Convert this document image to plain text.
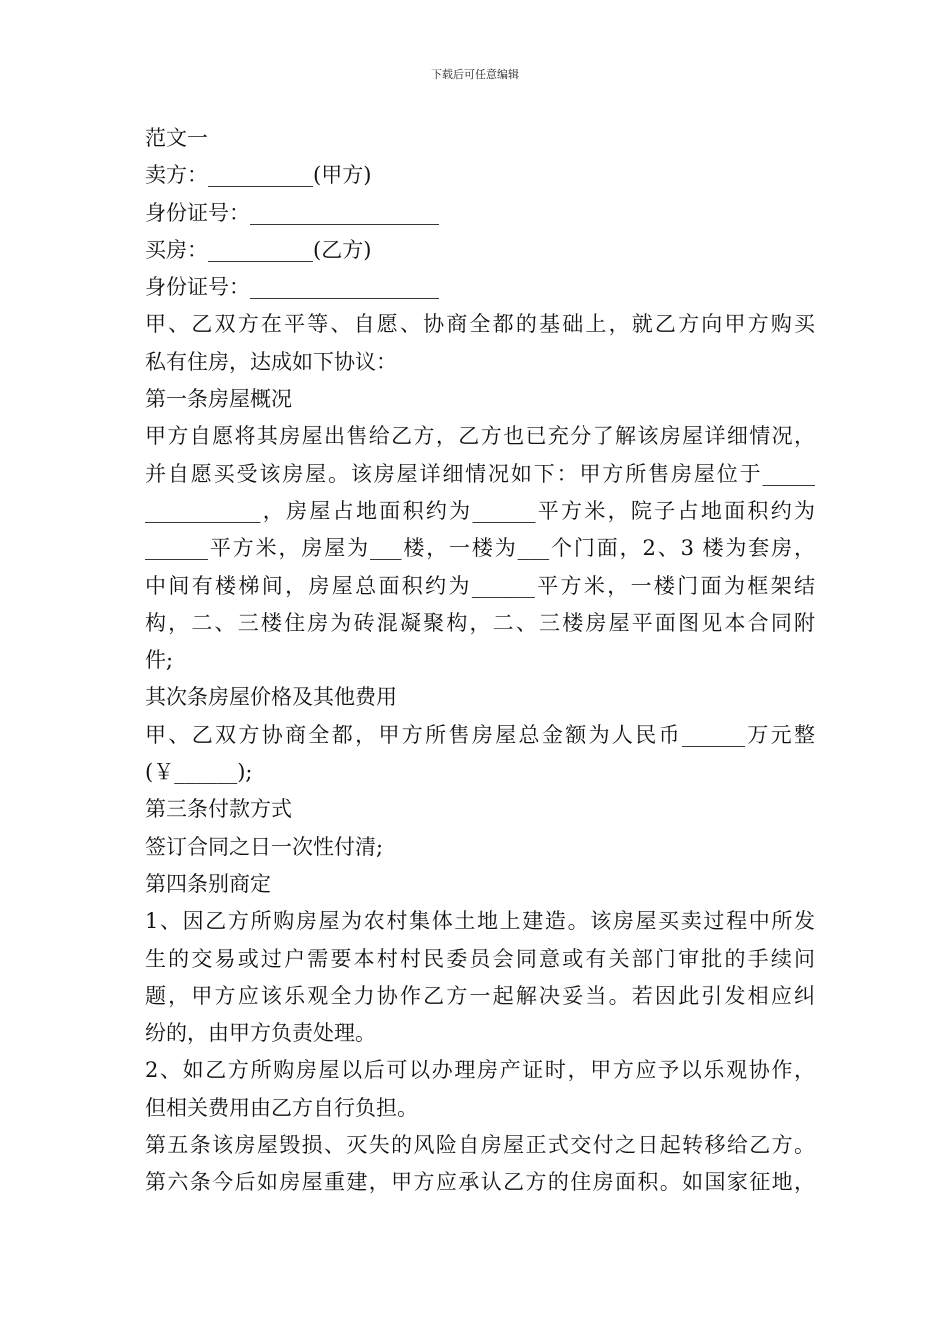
下载后可任意编辑
范文一
卖方：__________(甲方)
身份证号：__________________
买房：__________(乙方)
身份证号：__________________
甲、乙双方在平等、自愿、协商全都的基础上，就乙方向甲方购买
私有住房，达成如下协议：
第一条房屋概况
甲方自愿将其房屋出售给乙方，乙方也已充分了解该房屋详细情况，
并自愿买受该房屋。该房屋详细情况如下：甲方所售房屋位于_____
___________，房屋占地面积约为______平方米，院子占地面积约为
______平方米，房屋为___楼，一楼为___个门面，2、3 楼为套房，
中间有楼梯间，房屋总面积约为______平方米，一楼门面为框架结
构，二、三楼住房为砖混凝聚构，二、三楼房屋平面图见本合同附
件;
其次条房屋价格及其他费用
甲、乙双方协商全都，甲方所售房屋总金额为人民币______万元整
(￥______);
第三条付款方式
签订合同之日一次性付清;
第四条别商定
1、因乙方所购房屋为农村集体土地上建造。该房屋买卖过程中所发
生的交易或过户需要本村村民委员会同意或有关部门审批的手续问
题，甲方应该乐观全力协作乙方一起解决妥当。若因此引发相应纠
纷的，由甲方负责处理。
2、如乙方所购房屋以后可以办理房产证时，甲方应予以乐观协作，
但相关费用由乙方自行负担。
第五条该房屋毁损、灭失的风险自房屋正式交付之日起转移给乙方。
第六条今后如房屋重建，甲方应承认乙方的住房面积。如国家征地，
